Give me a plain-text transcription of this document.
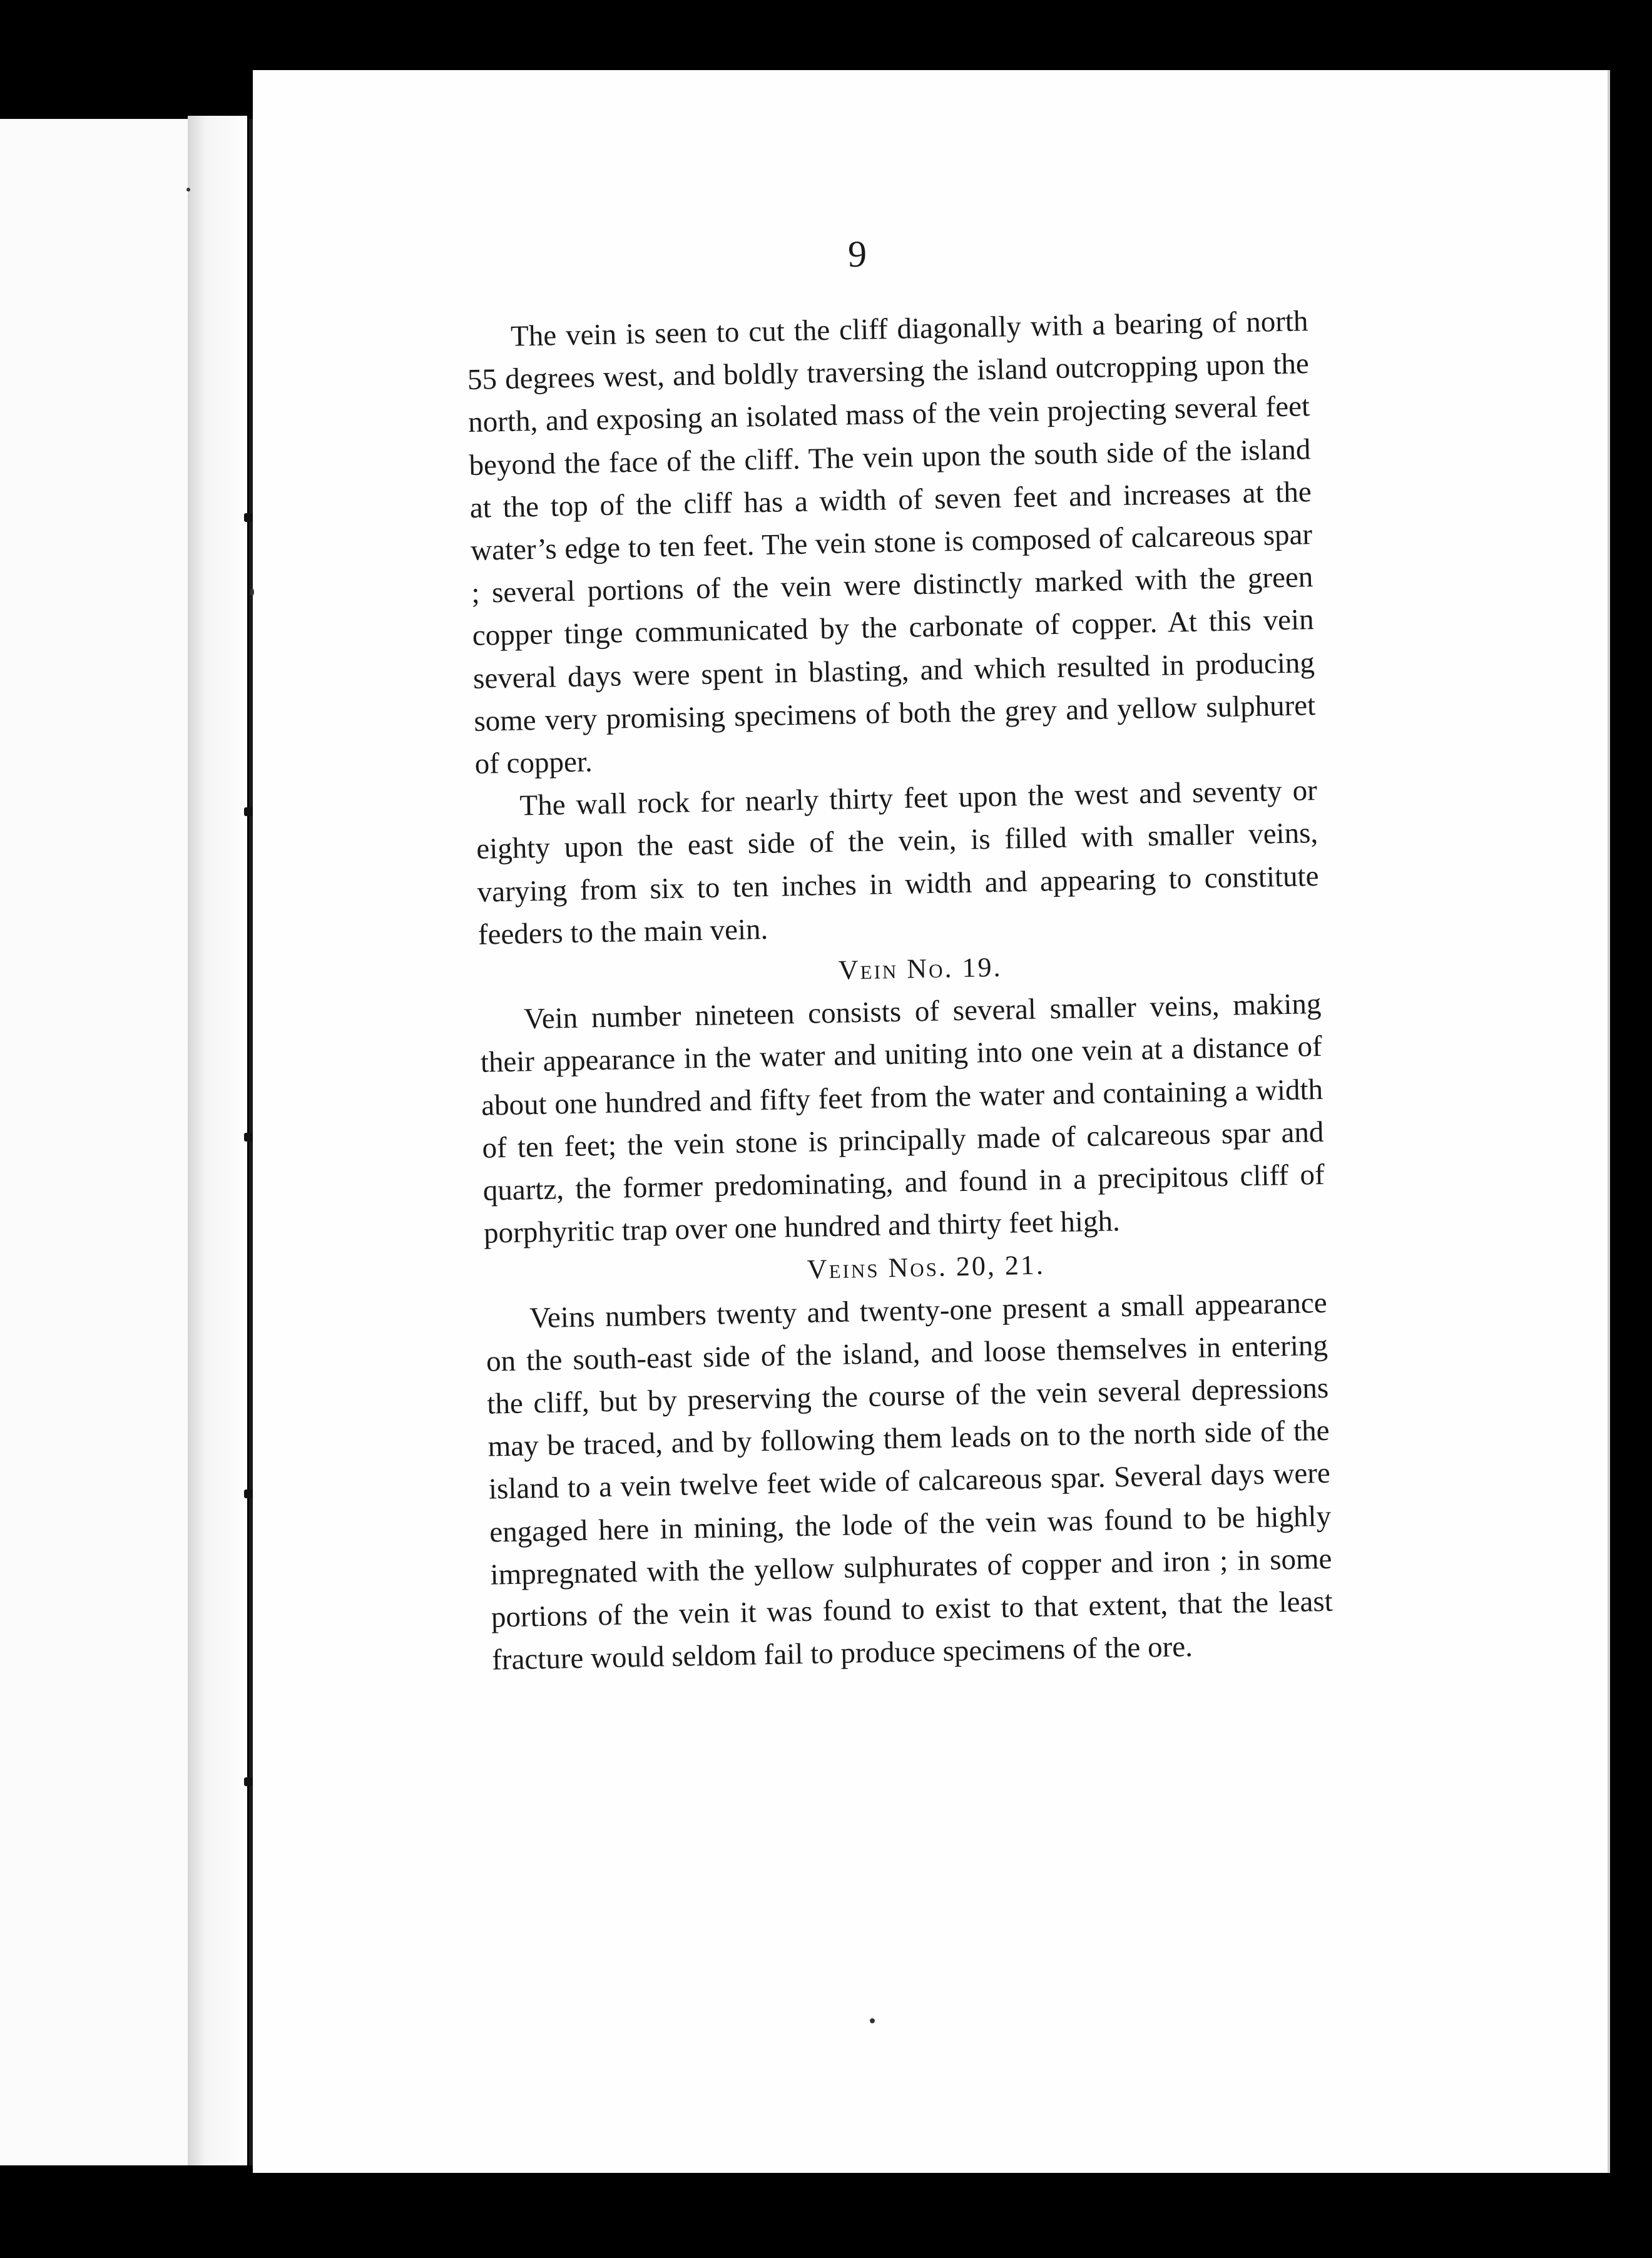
9

The vein is seen to cut the cliff diagonally with a bearing of north 55 degrees west, and boldly traversing the island outcropping upon the north, and exposing an isolated mass of the vein projecting several feet beyond the face of the cliff. The vein upon the south side of the island at the top of the cliff has a width of seven feet and increases at the water’s edge to ten feet. The vein stone is composed of calcareous spar ; several portions of the vein were distinctly marked with the green copper tinge communicated by the carbonate of copper. At this vein several days were spent in blasting, and which resulted in producing some very promising specimens of both the grey and yellow sulphuret of copper.

The wall rock for nearly thirty feet upon the west and seventy or eighty upon the east side of the vein, is filled with smaller veins, varying from six to ten inches in width and appearing to constitute feeders to the main vein.

Vein No. 19.

Vein number nineteen consists of several smaller veins, making their appearance in the water and uniting into one vein at a distance of about one hundred and fifty feet from the water and containing a width of ten feet; the vein stone is principally made of calcareous spar and quartz, the former predominating, and found in a precipitous cliff of porphyritic trap over one hundred and thirty feet high.

Veins Nos. 20, 21.

Veins numbers twenty and twenty-one present a small appearance on the south-east side of the island, and loose themselves in entering the cliff, but by preserving the course of the vein several depressions may be traced, and by following them leads on to the north side of the island to a vein twelve feet wide of calcareous spar. Several days were engaged here in mining, the lode of the vein was found to be highly impregnated with the yellow sulphurates of copper and iron ; in some portions of the vein it was found to exist to that extent, that the least fracture would seldom fail to produce specimens of the ore.
